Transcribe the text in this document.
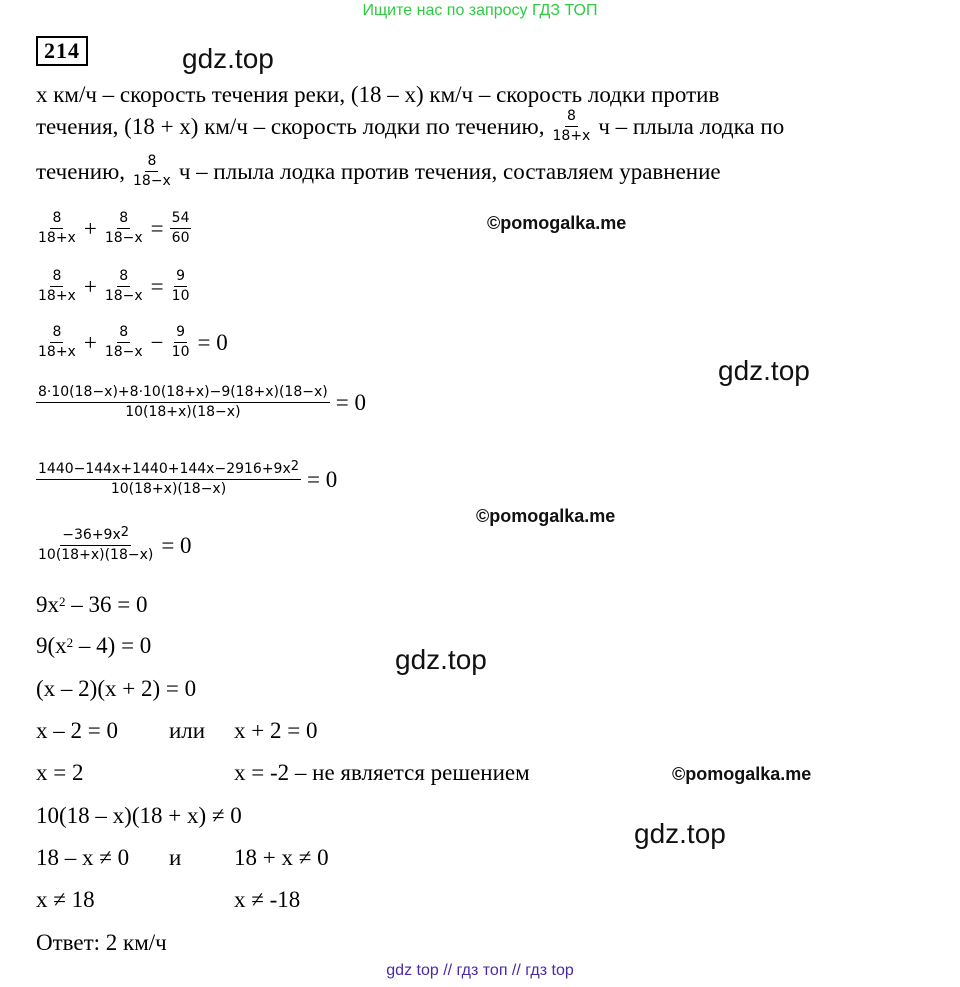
Ищите нас по запросу ГДЗ ТОП
214	gdz.top
gdz.top
gdz.top
gdz.top
©pomogalka.me
©pomogalka.me
©pomogalka.me
x км/ч – скорость течения реки, (18 – x) км/ч – скорость лодки против
течения, (18 + x) км/ч – скорость лодки по течению, $\frac{8}{18+x}$ ч – плыла лодка по
течению, $\frac{8}{18-x}$ ч – плыла лодка против течения, составляем уравнение
$\frac{8}{18+x} + \frac{8}{18-x} = \frac{54}{60}$
$\frac{8}{18+x} + \frac{8}{18-x} = \frac{9}{10}$
$\frac{8}{18+x} + \frac{8}{18-x} - \frac{9}{10} = 0$
$\frac{8\cdot 10(18-x)+8\cdot 10(18+x)-9(18+x)(18-x)}{10(18+x)(18-x)} = 0$
$\frac{1440-144x+1440+144x-2916+9x^2}{10(18+x)(18-x)} = 0$
$\frac{-36+9x^2}{10(18+x)(18-x)} = 0$
$9x^2 - 36 = 0$
$9(x^2 - 4) = 0$
(x – 2)(x + 2) = 0
x – 2 = 0 или x + 2 = 0
x = 2	x = -2 – не является решением
10(18 – x)(18 + x) ≠ 0
18 – x ≠ 0 и 18 + x ≠ 0
x ≠ 18	x ≠ -18
Ответ: 2 км/ч
gdz top // гдз топ // гдз top
